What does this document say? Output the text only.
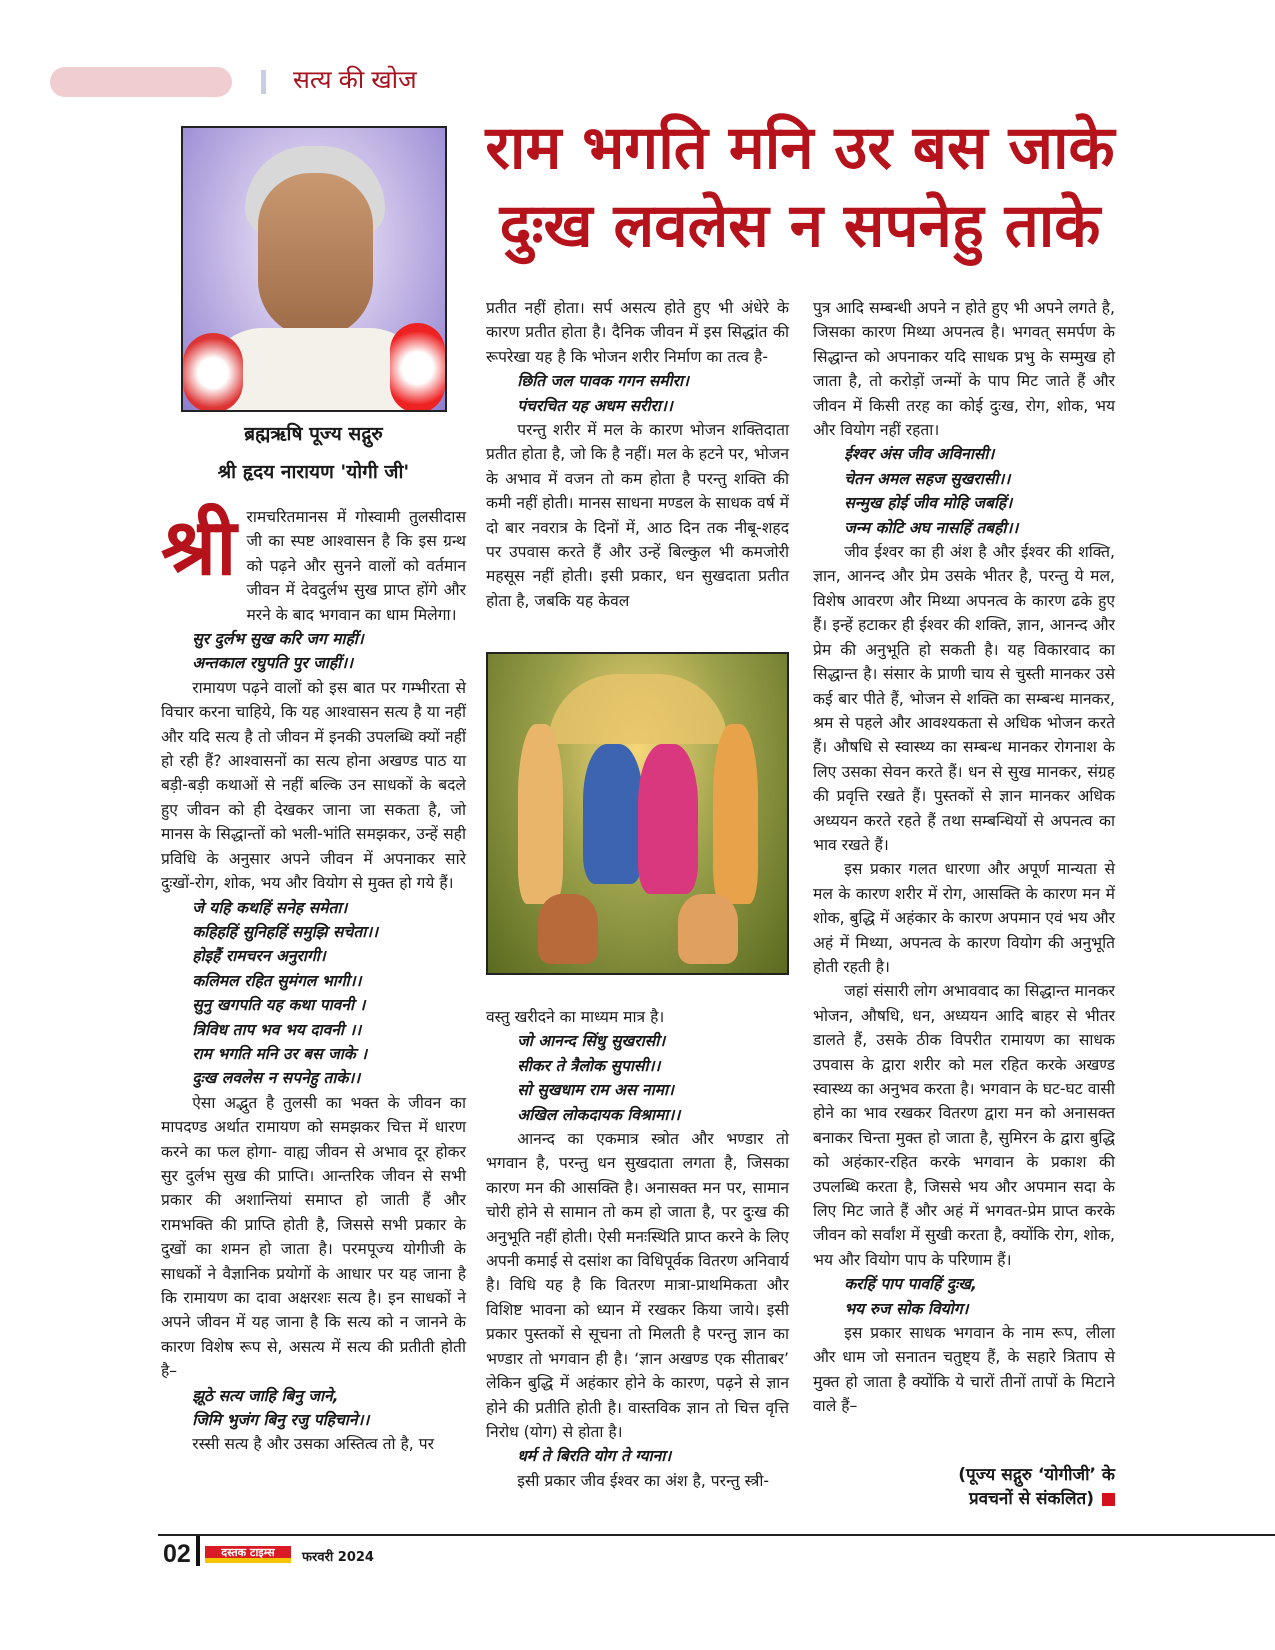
सत्य की खोज
ब्रह्मऋषि पूज्य सद्गुरु
श्री हृदय नारायण 'योगी जी'
राम भगति मनि उर बस जाके
दुःख लवलेस न सपनेहु ताके
श्री रामचरितमानस में गोस्वामी तुलसीदास जी का स्पष्ट आश्वासन है कि इस ग्रन्थ को पढ़ने और सुनने वालों को वर्तमान जीवन में देवदुर्लभ सुख प्राप्त होंगे और मरने के बाद भगवान का धाम मिलेगा।

सुर दुर्लभ सुख करि जग माहीं।
अन्तकाल रघुपति पुर जाहीं।।

रामायण पढ़ने वालों को इस बात पर गम्भीरता से विचार करना चाहिये, कि यह आश्वासन सत्य है या नहीं और यदि सत्य है तो जीवन में इनकी उपलब्धि क्यों नहीं हो रही हैं? आश्वासनों का सत्य होना अखण्ड पाठ या बड़ी-बड़ी कथाओं से नहीं बल्कि उन साधकों के बदले हुए जीवन को ही देखकर जाना जा सकता है, जो मानस के सिद्धान्तों को भली-भांति समझकर, उन्हें सही प्रविधि के अनुसार अपने जीवन में अपनाकर सारे दुःखों-रोग, शोक, भय और वियोग से मुक्त हो गये हैं।

जे यहि कथहिं सनेह समेता।
कहिहहिं सुनिहहिं समुझि सचेता।।
होइहैं रामचरन अनुरागी।
कलिमल रहित सुमंगल भागी।।
सुनु खगपति यह कथा पावनी ।
त्रिविध ताप भव भय दावनी ।।
राम भगति मनि उर बस जाके ।
दुःख लवलेस न सपनेहु ताके।।

ऐसा अद्भुत है तुलसी का भक्त के जीवन का मापदण्ड अर्थात रामायण को समझकर चित्त में धारण करने का फल होगा- वाह्य जीवन से अभाव दूर होकर सुर दुर्लभ सुख की प्राप्ति। आन्तरिक जीवन से सभी प्रकार की अशान्तियां समाप्त हो जाती हैं और रामभक्ति की प्राप्ति होती है, जिससे सभी प्रकार के दुखों का शमन हो जाता है। परमपूज्य योगीजी के साधकों ने वैज्ञानिक प्रयोगों के आधार पर यह जाना है कि रामायण का दावा अक्षरशः सत्य है। इन साधकों ने अपने जीवन में यह जाना है कि सत्य को न जानने के कारण विशेष रूप से, असत्य में सत्य की प्रतीती होती है–

झूठे सत्य जाहि बिनु जाने,
जिमि भुजंग बिनु रजु पहिचाने।।

रस्सी सत्य है और उसका अस्तित्व तो है, पर

प्रतीत नहीं होता। सर्प असत्य होते हुए भी अंधेरे के कारण प्रतीत होता है। दैनिक जीवन में इस सिद्धांत की रूपरेखा यह है कि भोजन शरीर निर्माण का तत्व है-

छिति जल पावक गगन समीरा।
पंचरचित यह अधम सरीरा।।

परन्तु शरीर में मल के कारण भोजन शक्तिदाता प्रतीत होता है, जो कि है नहीं। मल के हटने पर, भोजन के अभाव में वजन तो कम होता है परन्तु शक्ति की कमी नहीं होती। मानस साधना मण्डल के साधक वर्ष में दो बार नवरात्र के दिनों में, आठ दिन तक नीबू-शहद पर उपवास करते हैं और उन्हें बिल्कुल भी कमजोरी महसूस नहीं होती। इसी प्रकार, धन सुखदाता प्रतीत होता है, जबकि यह केवल

वस्तु खरीदने का माध्यम मात्र है।

जो आनन्द सिंधु सुखरासी।
सीकर ते त्रैलोक सुपासी।।
सो सुखधाम राम अस नामा।
अखिल लोकदायक विश्रामा।।

आनन्द का एकमात्र स्त्रोत और भण्डार तो भगवान है, परन्तु धन सुखदाता लगता है, जिसका कारण मन की आसक्ति है। अनासक्त मन पर, सामान चोरी होने से सामान तो कम हो जाता है, पर दुःख की अनुभूति नहीं होती। ऐसी मनःस्थिति प्राप्त करने के लिए अपनी कमाई से दसांश का विधिपूर्वक वितरण अनिवार्य है। विधि यह है कि वितरण मात्रा-प्राथमिकता और विशिष्ट भावना को ध्यान में रखकर किया जाये। इसी प्रकार पुस्तकों से सूचना तो मिलती है परन्तु ज्ञान का भण्डार तो भगवान ही है। ‘ज्ञान अखण्ड एक सीताबर’ लेकिन बुद्धि में अहंकार होने के कारण, पढ़ने से ज्ञान होने की प्रतीति होती है। वास्तविक ज्ञान तो चित्त वृत्ति निरोध (योग) से होता है।

धर्म ते बिरति योग ते ग्याना।

इसी प्रकार जीव ईश्वर का अंश है, परन्तु स्त्री-

पुत्र आदि सम्बन्धी अपने न होते हुए भी अपने लगते है, जिसका कारण मिथ्या अपनत्व है। भगवत् समर्पण के सिद्धान्त को अपनाकर यदि साधक प्रभु के सम्मुख हो जाता है, तो करोड़ों जन्मों के पाप मिट जाते हैं और जीवन में किसी तरह का कोई दुःख, रोग, शोक, भय और वियोग नहीं रहता।

ईश्वर अंस जीव अविनासी।
चेतन अमल सहज सुखरासी।।
सन्मुख होई जीव मोहि जबहिं।
जन्म कोटि अघ नासहिं तबही।।

जीव ईश्वर का ही अंश है और ईश्वर की शक्ति, ज्ञान, आनन्द और प्रेम उसके भीतर है, परन्तु ये मल, विशेष आवरण और मिथ्या अपनत्व के कारण ढके हुए हैं। इन्हें हटाकर ही ईश्वर की शक्ति, ज्ञान, आनन्द और प्रेम की अनुभूति हो सकती है। यह विकारवाद का सिद्धान्त है। संसार के प्राणी चाय से चुस्ती मानकर उसे कई बार पीते हैं, भोजन से शक्ति का सम्बन्ध मानकर, श्रम से पहले और आवश्यकता से अधिक भोजन करते हैं। औषधि से स्वास्थ्य का सम्बन्ध मानकर रोगनाश के लिए उसका सेवन करते हैं। धन से सुख मानकर, संग्रह की प्रवृत्ति रखते हैं। पुस्तकों से ज्ञान मानकर अधिक अध्ययन करते रहते हैं तथा सम्बन्धियों से अपनत्व का भाव रखते हैं।

इस प्रकार गलत धारणा और अपूर्ण मान्यता से मल के कारण शरीर में रोग, आसक्ति के कारण मन में शोक, बुद्धि में अहंकार के कारण अपमान एवं भय और अहं में मिथ्या, अपनत्व के कारण वियोग की अनुभूति होती रहती है।

जहां संसारी लोग अभाववाद का सिद्धान्त मानकर भोजन, औषधि, धन, अध्ययन आदि बाहर से भीतर डालते हैं, उसके ठीक विपरीत रामायण का साधक उपवास के द्वारा शरीर को मल रहित करके अखण्ड स्वास्थ्य का अनुभव करता है। भगवान के घट-घट वासी होने का भाव रखकर वितरण द्वारा मन को अनासक्त बनाकर चिन्ता मुक्त हो जाता है, सुमिरन के द्वारा बुद्धि को अहंकार-रहित करके भगवान के प्रकाश की उपलब्धि करता है, जिससे भय और अपमान सदा के लिए मिट जाते हैं और अहं में भगवत-प्रेम प्राप्त करके जीवन को सर्वांश में सुखी करता है, क्योंकि रोग, शोक, भय और वियोग पाप के परिणाम हैं।

करहिं पाप पावहिं दुःख,
भय रुज सोक वियोग।

इस प्रकार साधक भगवान के नाम रूप, लीला और धाम जो सनातन चतुष्ट्य हैं, के सहारे त्रिताप से मुक्त हो जाता है क्योंकि ये चारों तीनों तापों के मिटाने वाले हैं–

(पूज्य सद्गुरु ‘योगीजी’ के
प्रवचनों से संकलित)
02	दस्तक टाइम्स	फरवरी 2024
